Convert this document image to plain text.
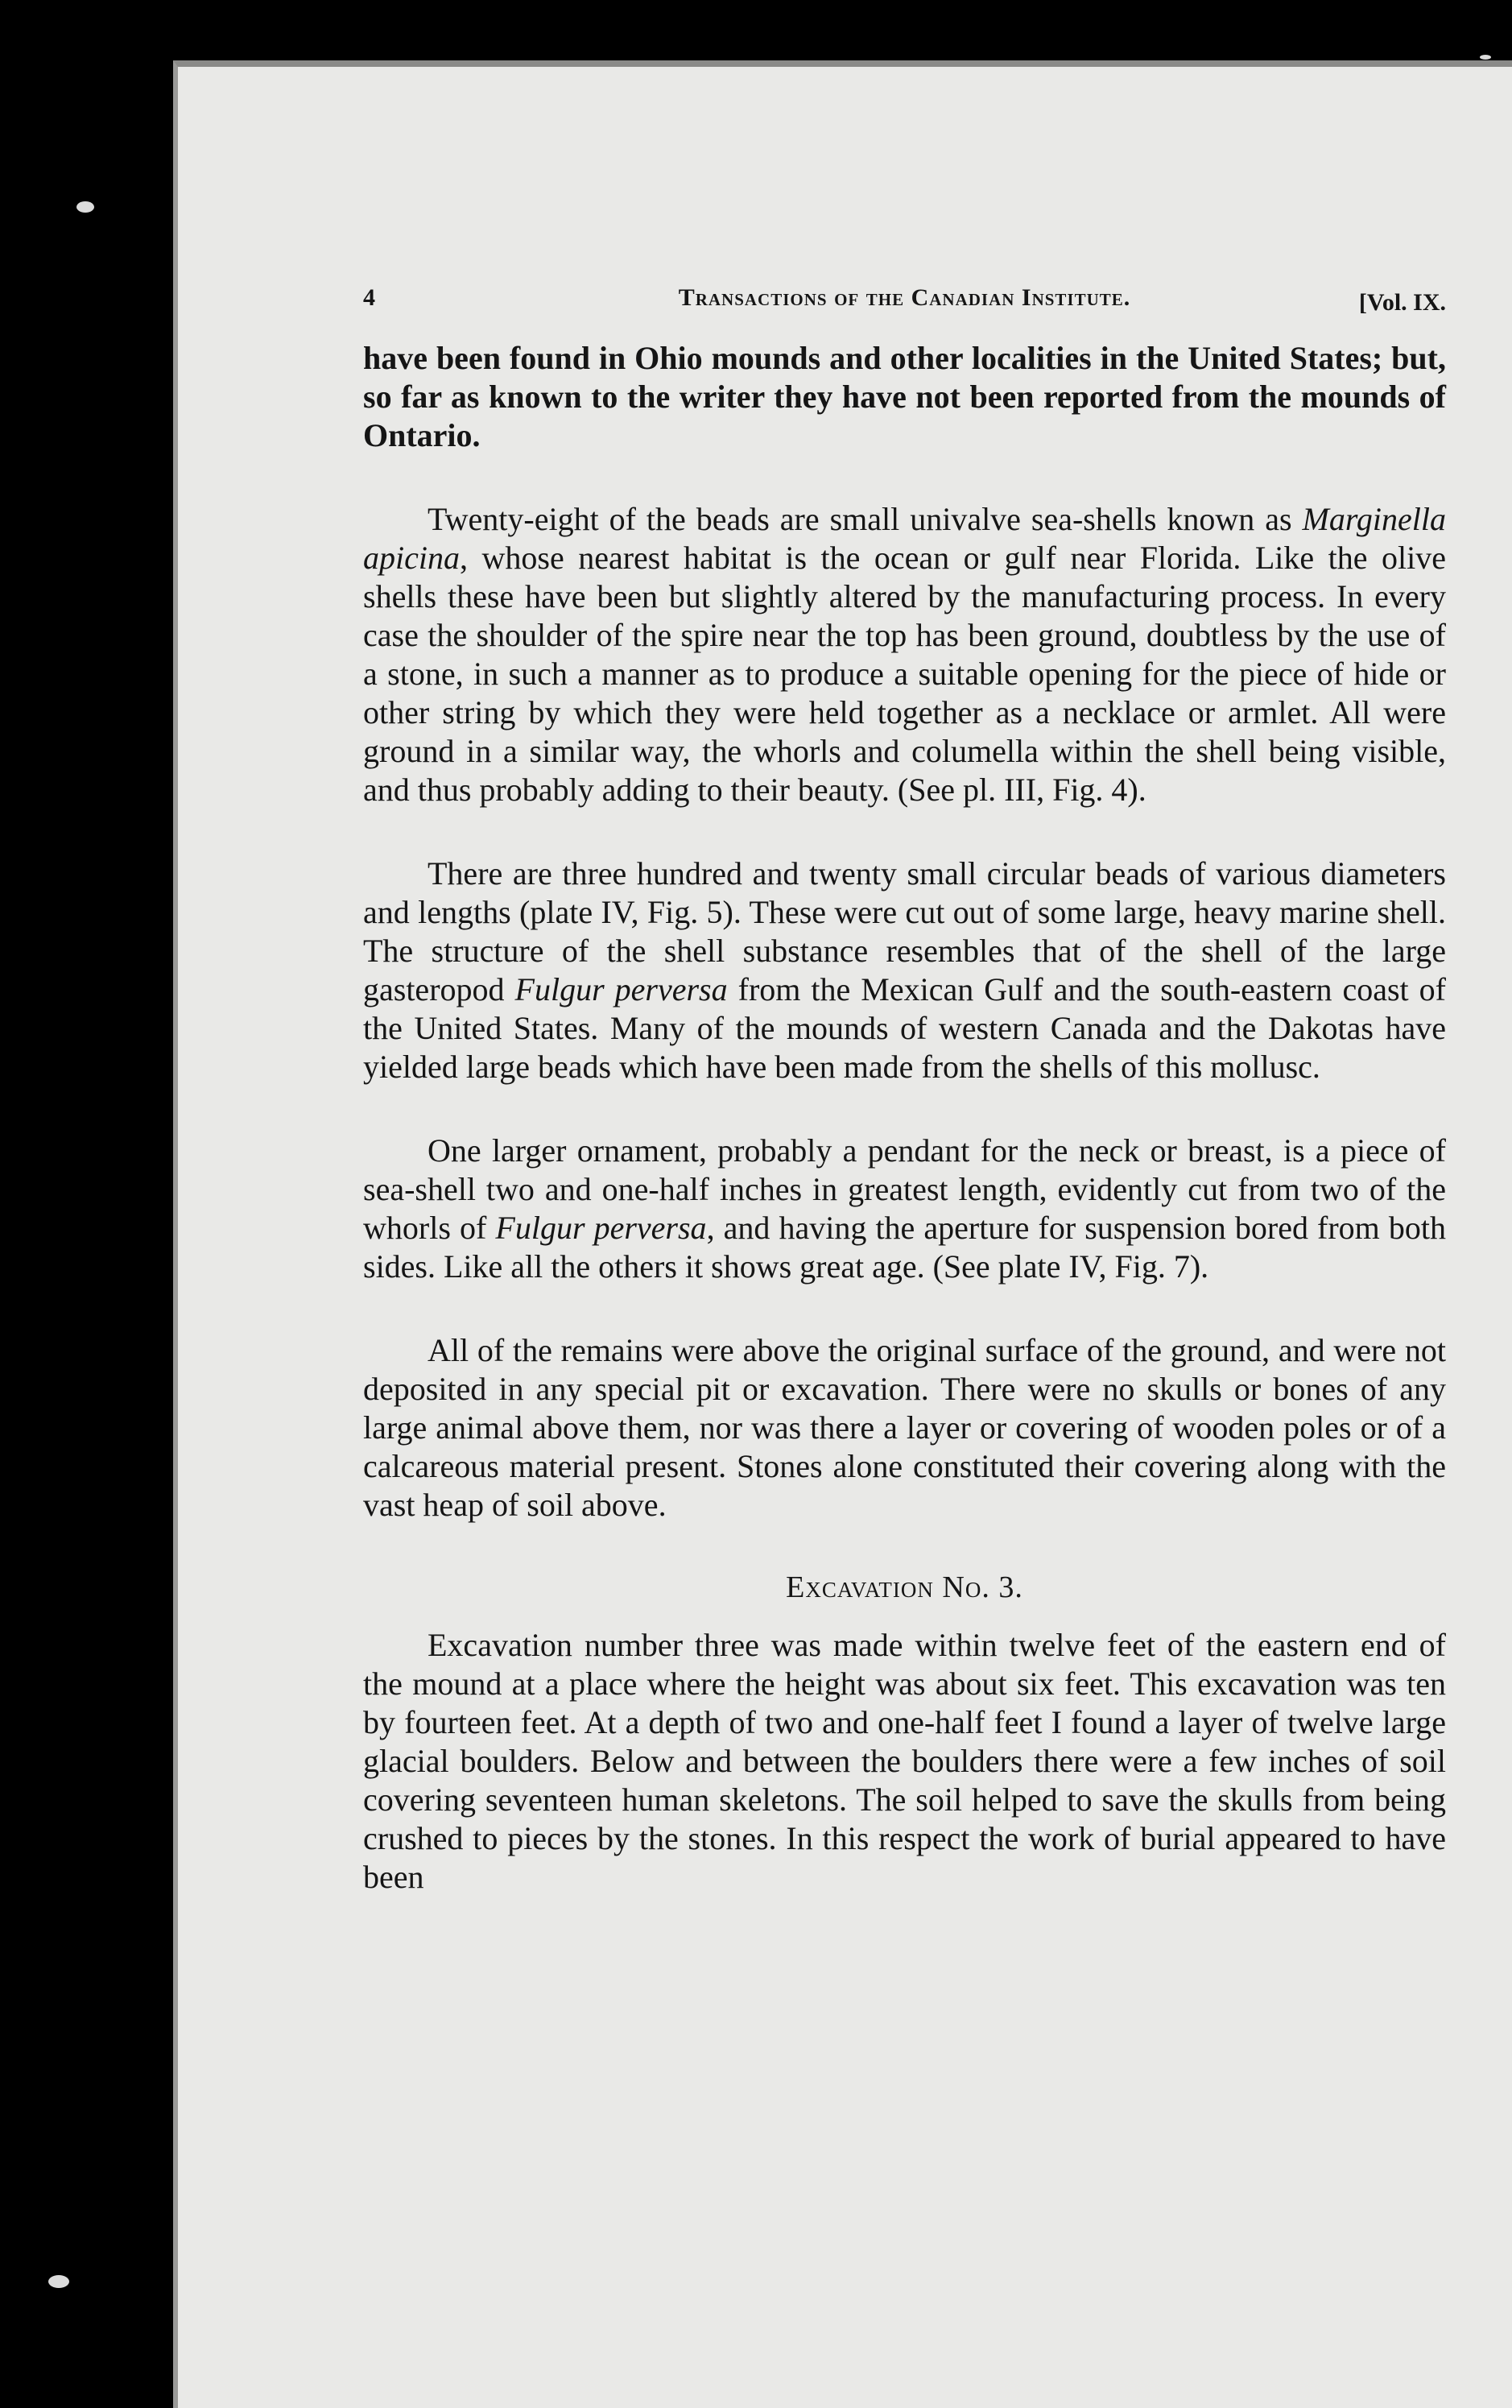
4	Transactions of the Canadian Institute.	[Vol. IX.

have been found in Ohio mounds and other localities in the United States; but, so far as known to the writer they have not been reported from the mounds of Ontario.

Twenty-eight of the beads are small univalve sea-shells known as Marginella apicina, whose nearest habitat is the ocean or gulf near Florida. Like the olive shells these have been but slightly altered by the manufacturing process. In every case the shoulder of the spire near the top has been ground, doubtless by the use of a stone, in such a manner as to produce a suitable opening for the piece of hide or other string by which they were held together as a necklace or armlet. All were ground in a similar way, the whorls and columella within the shell being visible, and thus probably adding to their beauty. (See pl. III, Fig. 4).

There are three hundred and twenty small circular beads of various diameters and lengths (plate IV, Fig. 5). These were cut out of some large, heavy marine shell. The structure of the shell substance resembles that of the shell of the large gasteropod Fulgur perversa from the Mexican Gulf and the south-eastern coast of the United States. Many of the mounds of western Canada and the Dakotas have yielded large beads which have been made from the shells of this mollusc.

One larger ornament, probably a pendant for the neck or breast, is a piece of sea-shell two and one-half inches in greatest length, evidently cut from two of the whorls of Fulgur perversa, and having the aperture for suspension bored from both sides. Like all the others it shows great age. (See plate IV, Fig. 7).

All of the remains were above the original surface of the ground, and were not deposited in any special pit or excavation. There were no skulls or bones of any large animal above them, nor was there a layer or covering of wooden poles or of a calcareous material present. Stones alone constituted their covering along with the vast heap of soil above.

Excavation No. 3.

Excavation number three was made within twelve feet of the eastern end of the mound at a place where the height was about six feet. This excavation was ten by fourteen feet. At a depth of two and one-half feet I found a layer of twelve large glacial boulders. Below and between the boulders there were a few inches of soil covering seventeen human skeletons. The soil helped to save the skulls from being crushed to pieces by the stones. In this respect the work of burial appeared to have been
